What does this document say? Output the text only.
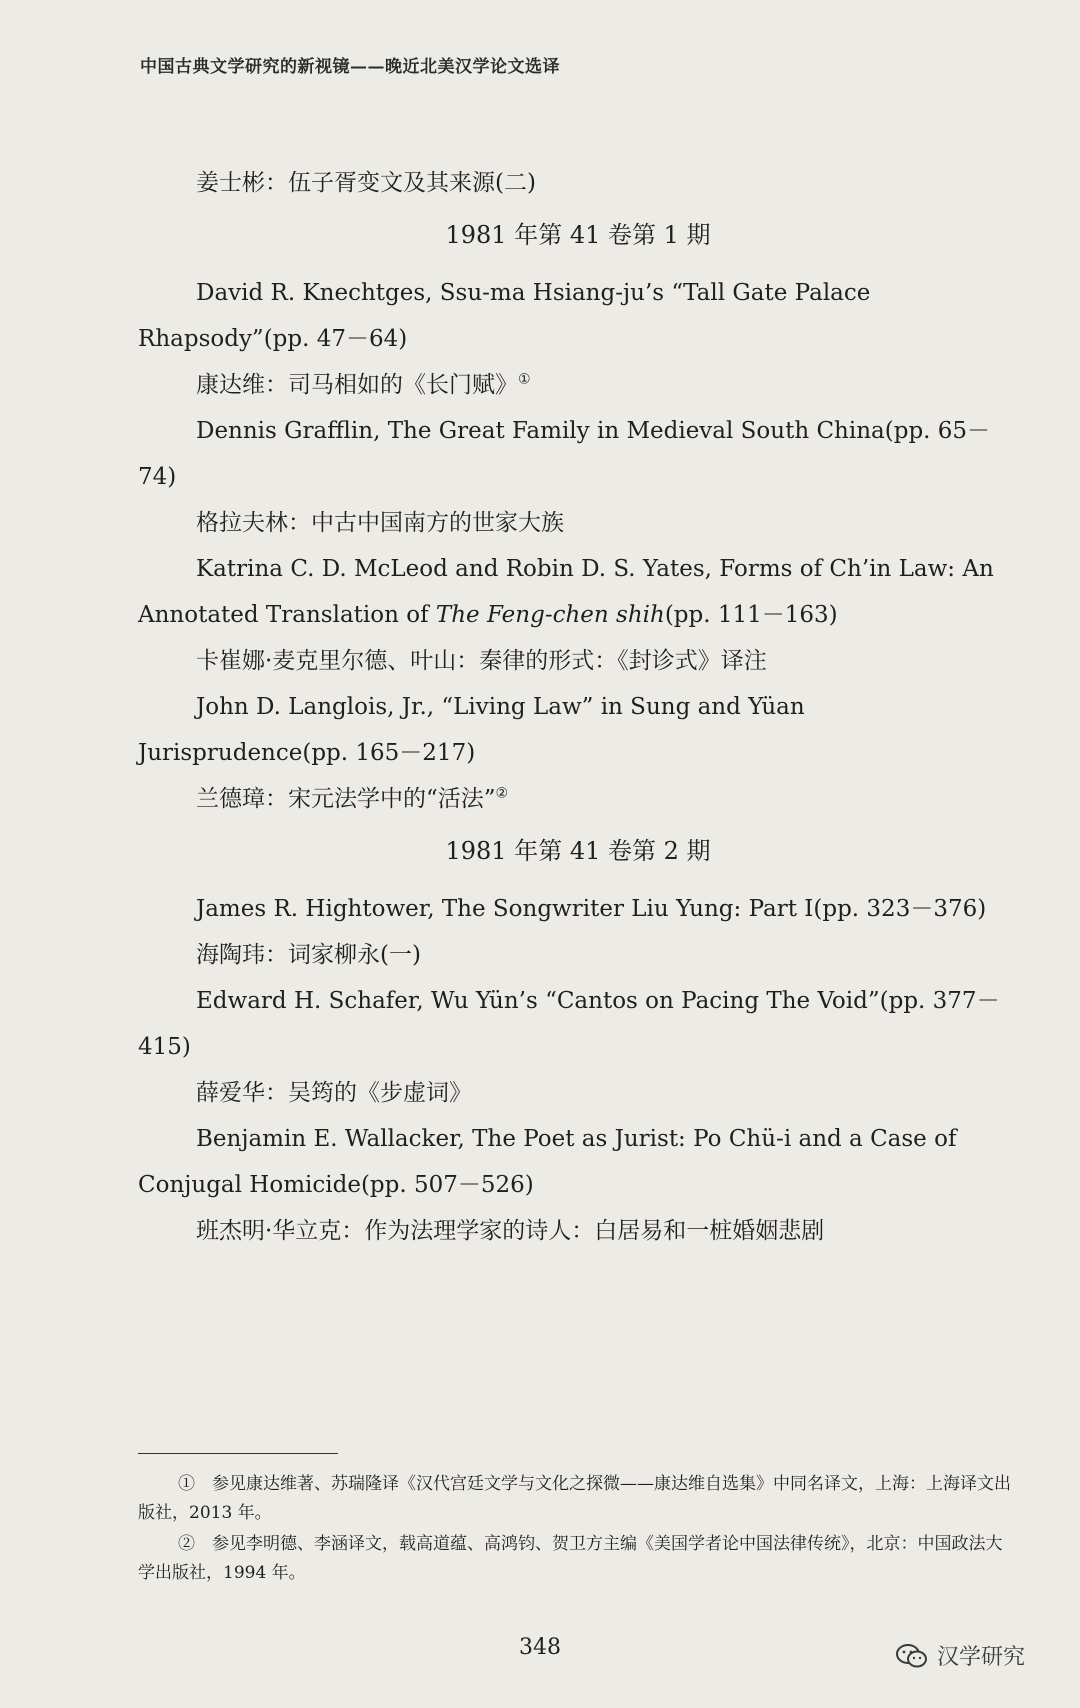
中国古典文学研究的新视镜——晚近北美汉学论文选译

姜士彬：伍子胥变文及其来源(二)

1981 年第 41 卷第 1 期

David R. Knechtges, Ssu-ma Hsiang-ju’s “Tall Gate Palace Rhapsody”(pp. 47－64)

康达维：司马相如的《长门赋》①

Dennis Grafflin, The Great Family in Medieval South China(pp. 65－74)

格拉夫林：中古中国南方的世家大族

Katrina C. D. McLeod and Robin D. S. Yates, Forms of Ch’in Law: An Annotated Translation of The Feng-chen shih(pp. 111－163)

卡崔娜·麦克里尔德、叶山：秦律的形式：《封诊式》译注

John D. Langlois, Jr., “Living Law” in Sung and Yüan Jurisprudence(pp. 165－217)

兰德璋：宋元法学中的“活法”②

1981 年第 41 卷第 2 期

James R. Hightower, The Songwriter Liu Yung: Part I(pp. 323－376)

海陶玮：词家柳永(一)

Edward H. Schafer, Wu Yün’s “Cantos on Pacing The Void”(pp. 377－415)

薛爱华：吴筠的《步虚词》

Benjamin E. Wallacker, The Poet as Jurist: Po Chü-i and a Case of Conjugal Homicide(pp. 507－526)

班杰明·华立克：作为法理学家的诗人：白居易和一桩婚姻悲剧

①　参见康达维著、苏瑞隆译《汉代宫廷文学与文化之探微——康达维自选集》中同名译文，上海：上海译文出版社，2013 年。

②　参见李明德、李涵译文，载高道蕴、高鸿钧、贺卫方主编《美国学者论中国法律传统》，北京：中国政法大学出版社，1994 年。

348	汉学研究
